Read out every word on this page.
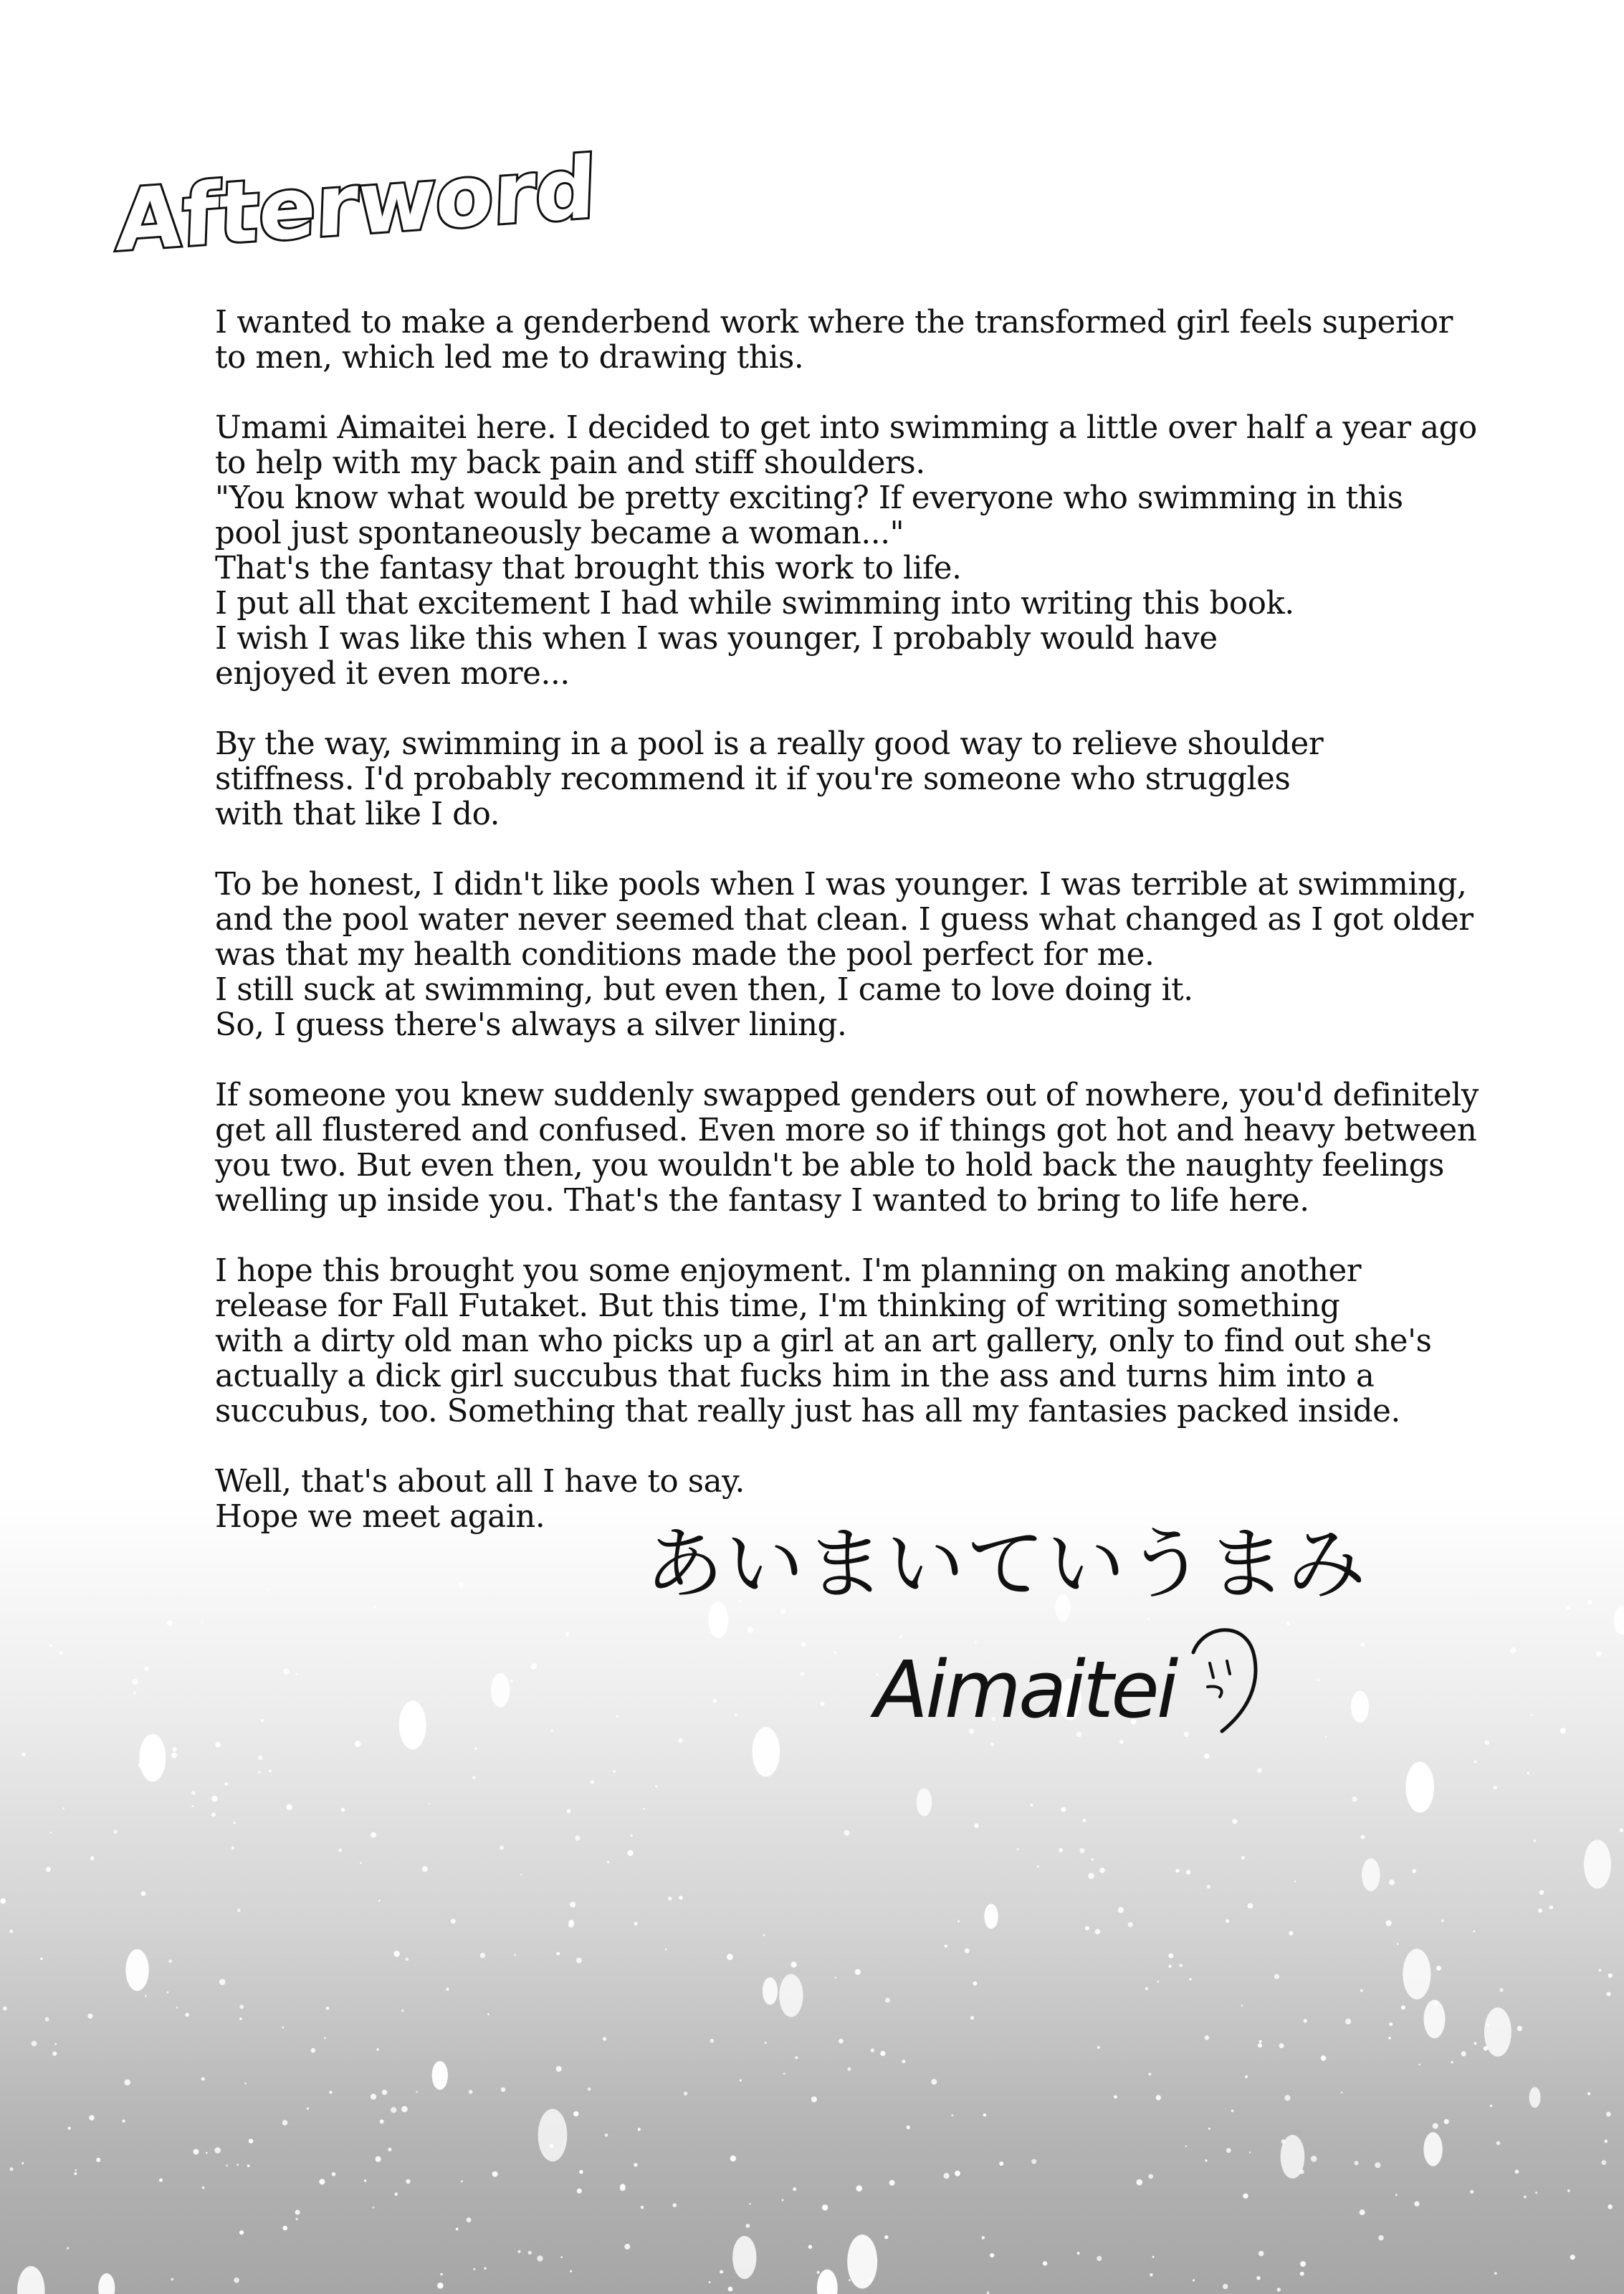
Afterword

I wanted to make a genderbend work where the transformed girl feels superior
to men, which led me to drawing this.

Umami Aimaitei here. I decided to get into swimming a little over half a year ago
to help with my back pain and stiff shoulders.
"You know what would be pretty exciting? If everyone who swimming in this
pool just spontaneously became a woman..."
That's the fantasy that brought this work to life.
I put all that excitement I had while swimming into writing this book.
I wish I was like this when I was younger, I probably would have
enjoyed it even more...

By the way, swimming in a pool is a really good way to relieve shoulder
stiffness. I'd probably recommend it if you're someone who struggles
with that like I do.

To be honest, I didn't like pools when I was younger. I was terrible at swimming,
and the pool water never seemed that clean. I guess what changed as I got older
was that my health conditions made the pool perfect for me.
I still suck at swimming, but even then, I came to love doing it.
So, I guess there's always a silver lining.

If someone you knew suddenly swapped genders out of nowhere, you'd definitely
get all flustered and confused. Even more so if things got hot and heavy between
you two. But even then, you wouldn't be able to hold back the naughty feelings
welling up inside you. That's the fantasy I wanted to bring to life here.

I hope this brought you some enjoyment. I'm planning on making another
release for Fall Futaket. But this time, I'm thinking of writing something
with a dirty old man who picks up a girl at an art gallery, only to find out she's
actually a dick girl succubus that fucks him in the ass and turns him into a
succubus, too. Something that really just has all my fantasies packed inside.

Well, that's about all I have to say.
Hope we meet again.

あいまいていうまみ
Aimaitei
